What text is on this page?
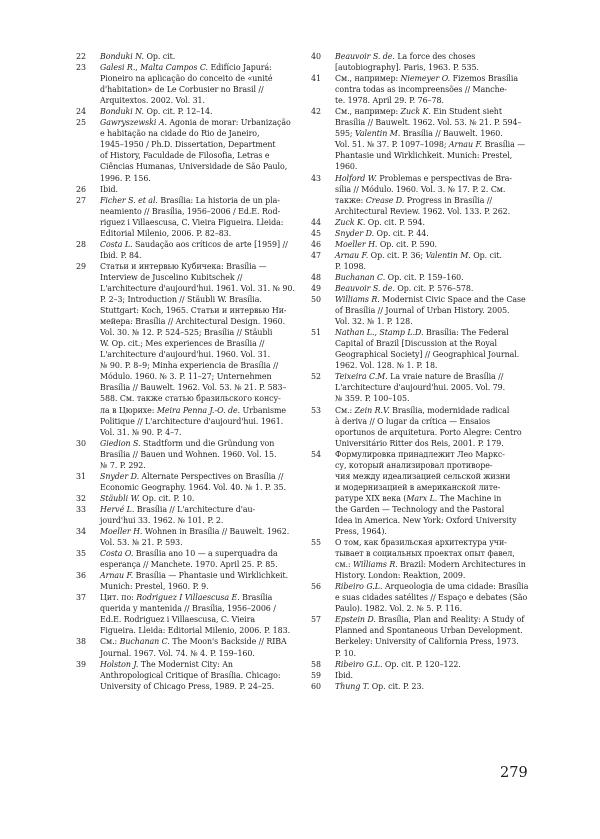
22	Bonduki N. Op. cit.
23	Galesi R., Malta Campos C. Edifício Japurá:
Pioneiro na aplicação do conceito de «unité
d'habitation» de Le Corbusier no Brasil //
Arquitextos. 2002. Vol. 31.
24	Bonduki N. Op. cit. P. 12–14.
25	Gawryszewski A. Agonia de morar: Urbanização
e habitação na cidade do Rio de Janeiro,
1945–1950 / Ph.D. Dissertation, Department
of History, Faculdade de Filosofia, Letras e
Ciências Humanas, Universidade de São Paulo,
1996. P. 156.
26	Ibid.
27	Ficher S. et al. Brasília: La historia de un pla-
neamiento // Brasília, 1956–2006 / Ed.E. Rod-
riguez i Villaescusa, C. Vieira Figueira. Lleida:
Editorial Milenio, 2006. P. 82–83.
28	Costa L. Saudação aos críticos de arte [1959] //
Ibid. P. 84.
29	Статьи и интервью Кубичека: Brasília —
Interview de Juscelino Kubitschek //
L'architecture d'aujourd'hui. 1961. Vol. 31. № 90.
P. 2–3; Introduction // Stäubli W. Brasília.
Stuttgart: Koch, 1965. Статьи и интервью Ни-
мейера: Brasília // Architectural Design. 1960.
Vol. 30. № 12. P. 524–525; Brasília // Stäubli
W. Op. cit.; Mes experiences de Brasília //
L'architecture d'aujourd'hui. 1960. Vol. 31.
№ 90. P. 8–9; Minha experiencia de Brasília //
Módulo. 1960. № 3. P. 11–27; Unternehmen
Brasília // Bauwelt. 1962. Vol. 53. № 21. P. 583–
588. См. также статью бразильского консу-
ла в Цюрихе: Meira Penna J.-O. de. Urbanisme
Politique // L'architecture d'aujourd'hui. 1961.
Vol. 31. № 90. P. 4–7.
30	Giedion S. Stadtform und die Gründung von
Brasília // Bauen und Wohnen. 1960. Vol. 15.
№ 7. P. 292.
31	Snyder D. Alternate Perspectives on Brasília //
Economic Geography. 1964. Vol. 40. № 1. P. 35.
32	Stäubli W. Op. cit. P. 10.
33	Hervé L. Brasília // L'architecture d'au-
jourd'hui 33. 1962. № 101. P. 2.
34	Moeller H. Wohnen in Brasília // Bauwelt. 1962.
Vol. 53. № 21. P. 593.
35	Costa O. Brasília ano 10 — a superquadra da
esperança // Manchete. 1970. April 25. P. 85.
36	Arnau F. Brasília — Phantasie und Wirklichkeit.
Munich: Prestel, 1960. P. 9.
37	Цит. по: Rodriguez I Villaescusa E. Brasília
querida y mantenida // Brasília, 1956–2006 /
Ed.E. Rodriguez i Villaescusa, C. Vieira
Figueira. Lleida: Editorial Milenio, 2006. P. 183.
38	См.: Buchanan C. The Moon's Backside // RIBA
Journal. 1967. Vol. 74. № 4. P. 159–160.
39	Holston J. The Modernist City: An
Anthropological Critique of Brasília. Chicago:
University of Chicago Press, 1989. P. 24–25.
40	Beauvoir S. de. La force des choses
[autobiography]. Paris, 1963. P. 535.
41	См., например: Niemeyer O. Fizemos Brasília
contra todas as incompreensões // Manche-
te. 1978. April 29. P. 76–78.
42	См., например: Zuck K. Ein Student sieht
Brasília // Bauwelt. 1962. Vol. 53. № 21. P. 594–
595; Valentin M. Brasília // Bauwelt. 1960.
Vol. 51. № 37. P. 1097–1098; Arnau F. Brasília —
Phantasie und Wirklichkeit. Munich: Prestel,
1960.
43	Holford W. Problemas e perspectivas de Bra-
sília // Módulo. 1960. Vol. 3. № 17. P. 2. См.
также: Crease D. Progress in Brasília //
Architectural Review. 1962. Vol. 133. P. 262.
44	Zuck K. Op. cit. P. 594.
45	Snyder D. Op. cit. P. 44.
46	Moeller H. Op. cit. P. 590.
47	Arnau F. Op. cit. P. 36; Valentin M. Op. cit.
P. 1098.
48	Buchanan C. Op. cit. P. 159–160.
49	Beauvoir S. de. Op. cit. P. 576–578.
50	Williams R. Modernist Civic Space and the Case
of Brasília // Journal of Urban History. 2005.
Vol. 32. № 1. P. 128.
51	Nathan L., Stamp L.D. Brasília: The Federal
Capital of Brazil [Discussion at the Royal
Geographical Society] // Geographical Journal.
1962. Vol. 128. № 1. P. 18.
52	Teixeira C.M. La vraie nature de Brasília //
L'architecture d'aujourd'hui. 2005. Vol. 79.
№ 359. P. 100–105.
53	См.: Zein R.V. Brasília, modernidade radical
à deriva // O lugar da crítica — Ensaios
oportunos de arquitetura. Porto Alegre: Centro
Universitário Ritter dos Reis, 2001. P. 179.
54	Формулировка принадлежит Лео Маркс-
су, который анализировал противоре-
чия между идеализацией сельской жизни
и модернизацией в американской лите-
ратуре XIX века (Marx L. The Machine in
the Garden — Technology and the Pastoral
Idea in America. New York: Oxford University
Press, 1964).
55	О том, как бразильская архитектура учи-
тывает в социальных проектах опыт фавел,
см.: Williams R. Brazil: Modern Architectures in
History. London: Reaktion, 2009.
56	Ribeiro G.L. Arqueologia de uma cidade: Brasília
e suas cidades satélites // Espaço e debates (São
Paulo). 1982. Vol. 2. № 5. P. 116.
57	Epstein D. Brasília, Plan and Reality: A Study of
Planned and Spontaneous Urban Development.
Berkeley: University of California Press, 1973.
P. 10.
58	Ribeiro G.L. Op. cit. P. 120–122.
59	Ibid.
60	Thung T. Op. cit. P. 23.
279
